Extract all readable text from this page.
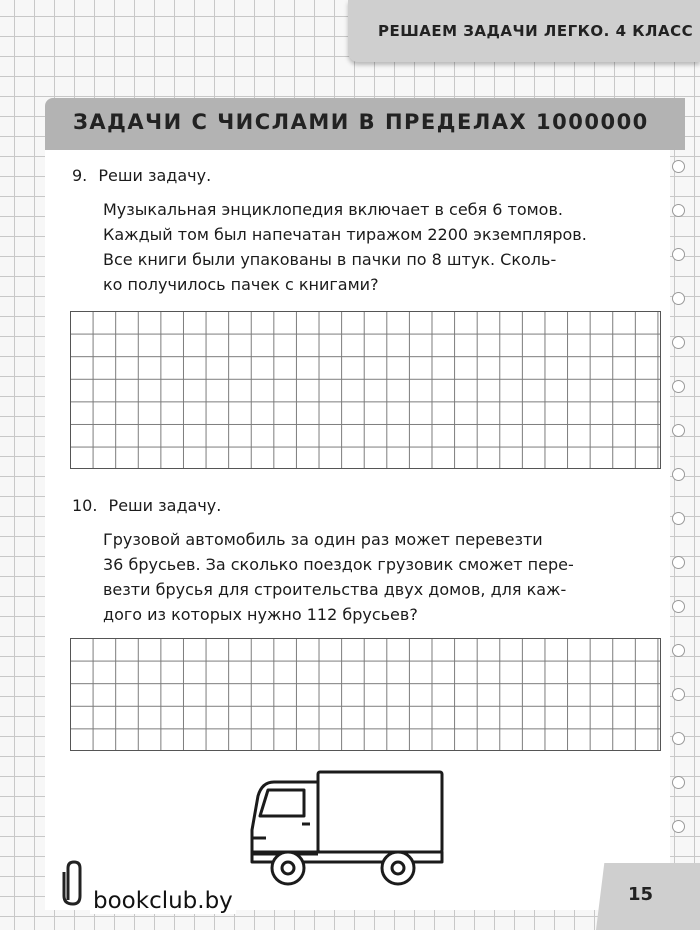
РЕШАЕМ ЗАДАЧИ ЛЕГКО. 4 КЛАСС
ЗАДАЧИ С ЧИСЛАМИ В ПРЕДЕЛАХ 1000000
9. Реши задачу.
Музыкальная энциклопедия включает в себя 6 томов.
Каждый том был напечатан тиражом 2200 экземпляров.
Все книги были упакованы в пачки по 8 штук. Сколь-
ко получилось пачек с книгами?
10. Реши задачу.
Грузовой автомобиль за один раз может перевезти
36 брусьев. За сколько поездок грузовик сможет пере-
везти брусья для строительства двух домов, для каж-
дого из которых нужно 112 брусьев?
bookclub.by	15
